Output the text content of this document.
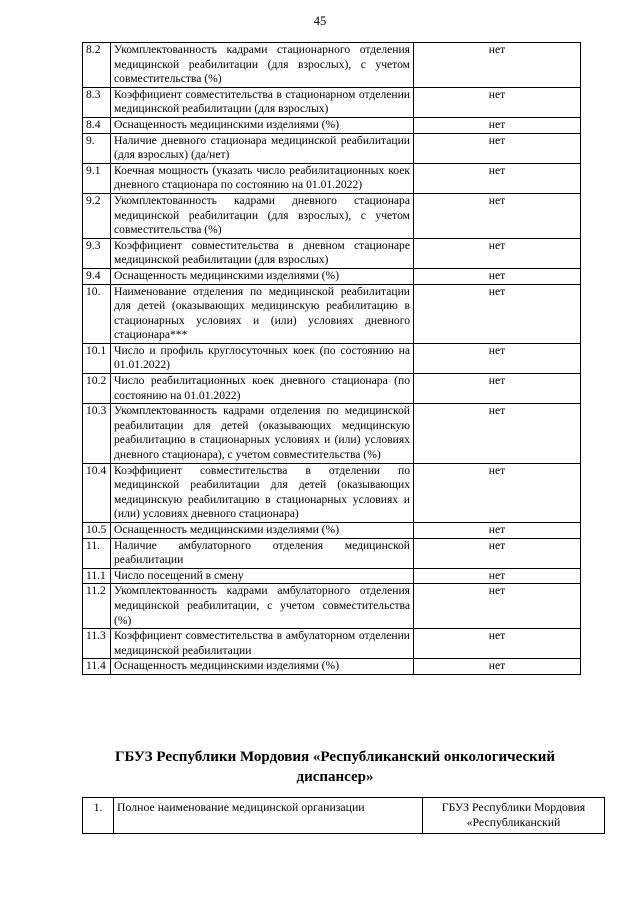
45
8.2	Укомплектованность кадрами стационарного отделения медицинской реабилитации (для взрослых), с учетом совместительства (%)	нет
8.3	Коэффициент совместительства в стационарном отделении медицинской реабилитации (для взрослых)	нет
8.4	Оснащенность медицинскими изделиями (%)	нет
9.	Наличие дневного стационара медицинской реабилитации (для взрослых) (да/нет)	нет
9.1	Коечная мощность (указать число реабилитационных коек дневного стационара по состоянию на 01.01.2022)	нет
9.2	Укомплектованность кадрами дневного стационара медицинской реабилитации (для взрослых), с учетом совместительства (%)	нет
9.3	Коэффициент совместительства в дневном стационаре медицинской реабилитации (для взрослых)	нет
9.4	Оснащенность медицинскими изделиями (%)	нет
10.	Наименование отделения по медицинской реабилитации для детей (оказывающих медицинскую реабилитацию в стационарных условиях и (или) условиях дневного стационара***	нет
10.1	Число и профиль круглосуточных коек (по состоянию на 01.01.2022)	нет
10.2	Число реабилитационных коек дневного стационара (по состоянию на 01.01.2022)	нет
10.3	Укомплектованность кадрами отделения по медицинской реабилитации для детей (оказывающих медицинскую реабилитацию в стационарных условиях и (или) условиях дневного стационара), с учетом совместительства (%)	нет
10.4	Коэффициент совместительства в отделении по медицинской реабилитации для детей (оказывающих медицинскую реабилитацию в стационарных условиях и (или) условиях дневного стационара)	нет
10.5	Оснащенность медицинскими изделиями (%)	нет
11.	Наличие амбулаторного отделения медицинской реабилитации	нет
11.1	Число посещений в смену	нет
11.2	Укомплектованность кадрами амбулаторного отделения медицинской реабилитации, с учетом совместительства (%)	нет
11.3	Коэффициент совместительства в амбулаторном отделении медицинской реабилитации	нет
11.4	Оснащенность медицинскими изделиями (%)	нет
ГБУЗ Республики Мордовия «Республиканский онкологический диспансер»
1.	Полное наименование медицинской организации	ГБУЗ Республики Мордовия «Республиканский
